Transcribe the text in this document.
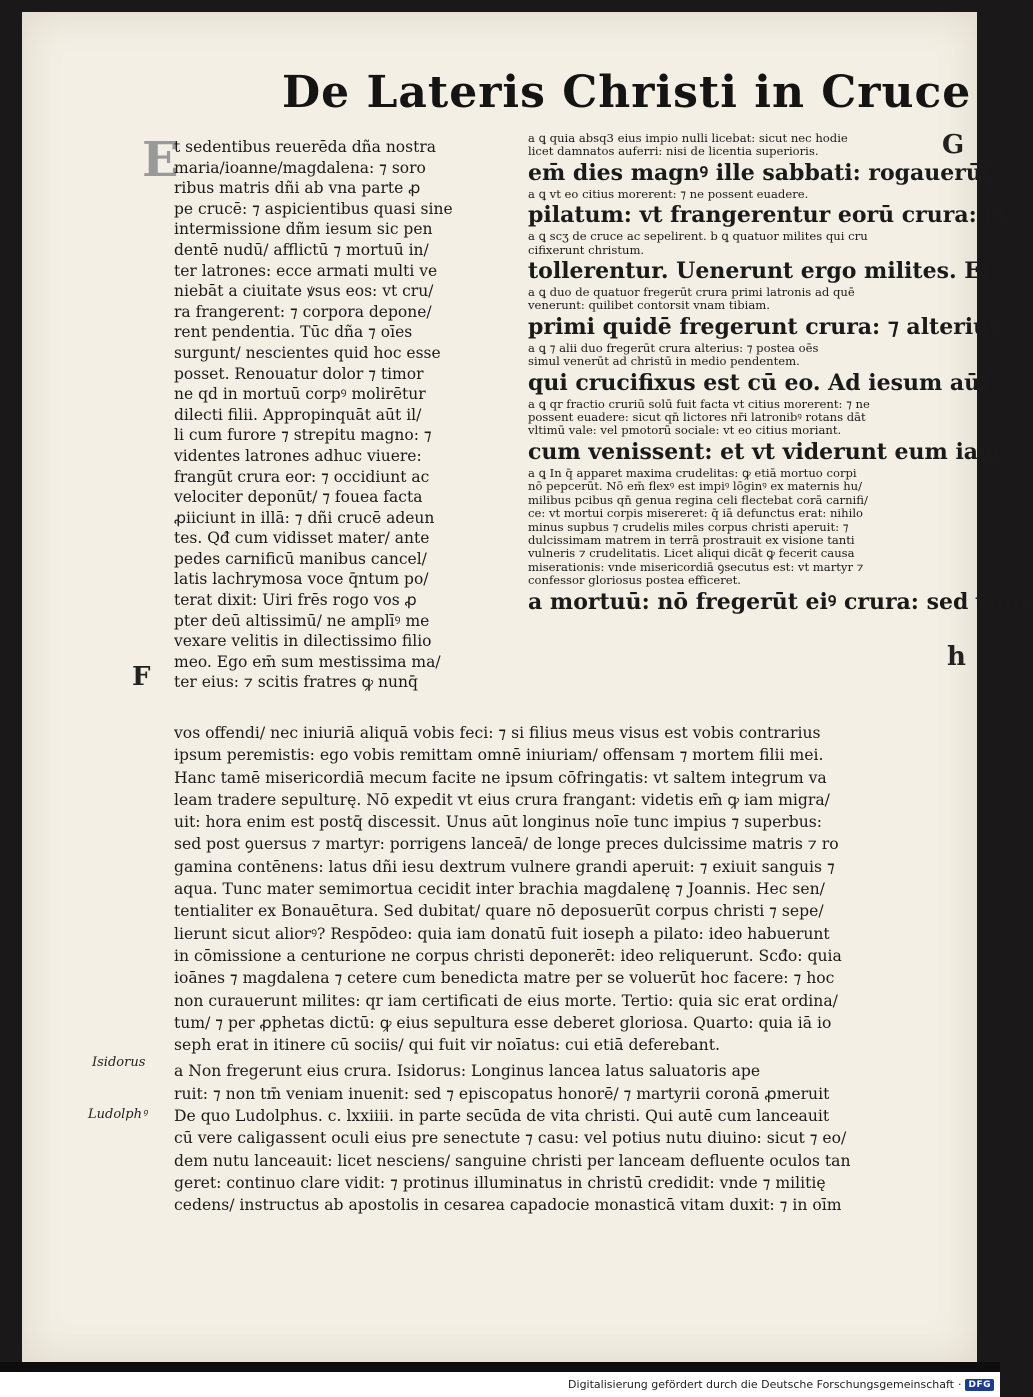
De Lateris Christi in Cruce
E	G
h
F

t sedentibus reuerēda dña nostra

maria/ioanne/magdalena: ⁊ soro

ribus matris dñi ab vna parte ꝓ

pe crucē: ⁊ aspicientibus quasi sine

intermissione dñm iesum sic pen

dentē nudū/ afflictū ⁊ mortuū in/

ter latrones: ecce armati multi ve

niebāt a ciuitate ꝟsus eos: vt cru/

ra frangerent: ⁊ corpora depone/

rent pendentia. Tūc dña ⁊ oīes

surgunt/ nescientes quid hoc esse

posset. Renouatur dolor ⁊ timor

ne qd in mortuū corpꝰ molirētur

dilecti filii. Appropinquāt aūt il/

li cum furore ⁊ strepitu magno: ⁊

videntes latrones adhuc viuere:

frangūt crura eor: ⁊ occidiunt ac

velociter deponūt/ ⁊ fouea facta

ꝓiiciunt in illā: ⁊ dñi crucē adeun

tes. Qđ cum vidisset mater/ ante

pedes carnificū manibus cancel/

latis lachrymosa voce q̄ntum po/

terat dixit: Uiri frēs rogo vos ꝓ

pter deū altissimū/ ne amplīꝰ me

vexare velitis in dilectissimo filio

meo. Ego em̄ sum mestissima ma/

ter eius: ⁊ scitis fratres ꝙ nunq̄

a ꝗ quia absq3 eius impio nulli licebat: sicut nec hodie

licet damnatos auferri: nisi de licentia superioris.

em̄ dies magnꝰ ille sabbati: rogauerūt

a ꝗ vt eo citius morerent: ⁊ ne possent euadere.

pilatum: vt frangerentur eorū crura: et

a ꝗ scʒ de cruce ac sepelirent. b ꝗ quatuor milites qui cru

cifixerunt christum.

tollerentur. Uenerunt ergo milites. Et

a ꝗ duo de quatuor fregerūt crura primi latronis ad quē

venerunt: quilibet contorsit vnam tibiam.

primi quidē fregerunt crura: ⁊ alterius

a ꝗ ⁊ alii duo fregerūt crura alterius: ⁊ postea oēs

simul venerūt ad christū in medio pendentem.

qui crucifixus est cū eo. Ad iesum aūt

a ꝗ qr fractio cruriū solū fuit facta vt citius morerent: ⁊ ne

possent euadere: sicut qn̄ lictores nr̄i latronibꝰ rotans dāt

vltimū vale: vel pmotorū sociale: vt eo citius moriant.

cum venissent: et vt viderunt eum iam

a ꝗ In q̄ apparet maxima crudelitas: ꝙ etiā mortuo corpi

nō pepcerūt. Nō em̄ flexꝰ est impiꝰ lōginꝰ ex maternis hu/

milibus pcibus qn̄ genua regina celi flectebat corā carnifi/

ce: vt mortui corpis misereret: q̄ iā defunctus erat: nihilo

minus supbus ⁊ crudelis miles corpus christi aperuit: ⁊

dulcissimam matrem in terrā prostrauit ex visione tanti

vulneris ⁊ crudelitatis. Licet aliqui dicāt ꝙ fecerit causa

miserationis: vnde misericordiā ꝯsecutus est: vt martyr ⁊

confessor gloriosus postea efficeret.

a mortuū: nō fregerūt eiꝰ crura: sed vnus

vos offendi/ nec iniuriā aliquā vobis feci: ⁊ si filius meus visus est vobis contrarius

ipsum peremistis: ego vobis remittam omnē iniuriam/ offensam ⁊ mortem filii mei.

Hanc tamē misericordiā mecum facite ne ipsum cōfringatis: vt saltem integrum va

leam tradere sepulturę. Nō expedit vt eius crura frangant: videtis em̄ ꝙ iam migra/

uit: hora enim est postq̄ discessit. Unus aūt longinus noīe tunc impius ⁊ superbus:

sed post ꝯuersus ⁊ martyr: porrigens lanceā/ de longe preces dulcissime matris ⁊ ro

gamina contēnens: latus dñi iesu dextrum vulnere grandi aperuit: ⁊ exiuit sanguis ⁊

aqua. Tunc mater semimortua cecidit inter brachia magdalenę ⁊ Joannis. Hec sen/

tentialiter ex Bonauētura. Sed dubitat/ quare nō deposuerūt corpus christi ⁊ sepe/

lierunt sicut aliorꝰ? Respōdeo: quia iam donatū fuit ioseph a pilato: ideo habuerunt

in cōmissione a centurione ne corpus christi deponerēt: ideo reliquerunt. Scđo: quia

ioānes ⁊ magdalena ⁊ cetere cum benedicta matre per se voluerūt hoc facere: ⁊ hoc

non curauerunt milites: qr iam certificati de eius morte. Tertio: quia sic erat ordina/

tum/ ⁊ per ꝓphetas dictū: ꝙ eius sepultura esse deberet gloriosa. Quarto: quia iā io

seph erat in itinere cū sociis/ qui fuit vir noīatus: cui etiā deferebant.

a Non fregerunt eius crura. Isidorus: Longinus lancea latus saluatoris ape

ruit: ⁊ non tm̄ veniam inuenit: sed ⁊ episcopatus honorē/ ⁊ martyrii coronā ꝓmeruit

De quo Ludolphus. c. lxxiiii. in parte secūda de vita christi. Qui autē cum lanceauit

cū vere caligassent oculi eius pre senectute ⁊ casu: vel potius nutu diuino: sicut ⁊ eo/

dem nutu lanceauit: licet nesciens/ sanguine christi per lanceam defluente oculos tan

geret: continuo clare vidit: ⁊ protinus illuminatus in christū credidit: vnde ⁊ militię

cedens/ instructus ab apostolis in cesarea capadocie monasticā vitam duxit: ⁊ in oīm

Isidorus
Ludolphꝰ
Digitalisierung gefördert durch die Deutsche Forschungsgemeinschaft · DFG
